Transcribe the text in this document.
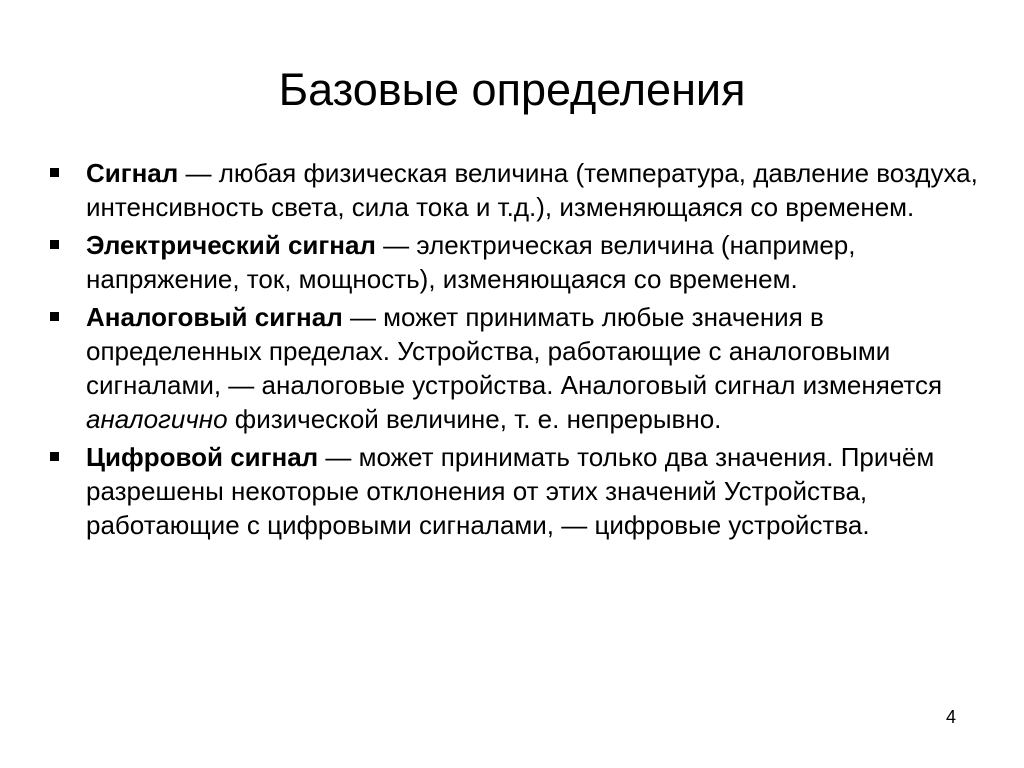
Базовые определения
Сигнал — любая физическая величина (температура, давление воздуха, интенсивность света, сила тока и т.д.), изменяющаяся со временем.
Электрический сигнал — электрическая величина (например, напряжение, ток, мощность), изменяющаяся со временем.
Аналоговый сигнал — может принимать любые значения в определенных пределах. Устройства, работающие с аналоговыми сигналами, — аналоговые устройства. Аналоговый сигнал изменяется аналогично физической величине, т. е. непрерывно.
Цифровой сигнал — может принимать только два значения. Причём разрешены некоторые отклонения от этих значений Устройства, работающие с цифровыми сигналами, — цифровые устройства.
4
